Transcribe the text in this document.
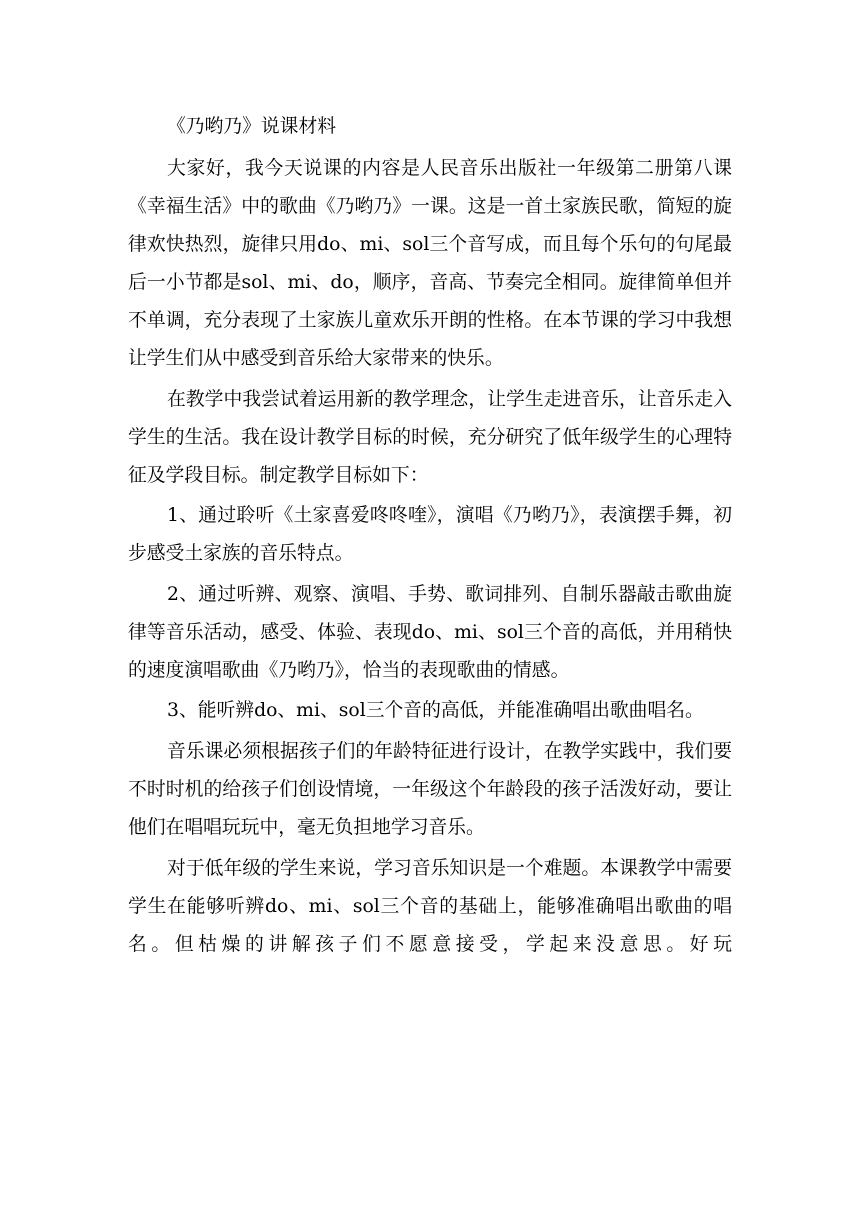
《乃哟乃》说课材料

大家好，我今天说课的内容是人民音乐出版社一年级第二册第八课《幸福生活》中的歌曲《乃哟乃》一课。这是一首土家族民歌，简短的旋律欢快热烈，旋律只用do、mi、sol三个音写成，而且每个乐句的句尾最后一小节都是sol、mi、do，顺序，音高、节奏完全相同。旋律简单但并不单调，充分表现了土家族儿童欢乐开朗的性格。在本节课的学习中我想让学生们从中感受到音乐给大家带来的快乐。

在教学中我尝试着运用新的教学理念，让学生走进音乐，让音乐走入学生的生活。我在设计教学目标的时候，充分研究了低年级学生的心理特征及学段目标。制定教学目标如下：

1、通过聆听《土家喜爱咚咚喹》，演唱《乃哟乃》，表演摆手舞，初步感受土家族的音乐特点。

2、通过听辨、观察、演唱、手势、歌词排列、自制乐器敲击歌曲旋律等音乐活动，感受、体验、表现do、mi、sol三个音的高低，并用稍快的速度演唱歌曲《乃哟乃》，恰当的表现歌曲的情感。

3、能听辨do、mi、sol三个音的高低，并能准确唱出歌曲唱名。

音乐课必须根据孩子们的年龄特征进行设计，在教学实践中，我们要不时时机的给孩子们创设情境，一年级这个年龄段的孩子活泼好动，要让他们在唱唱玩玩中，毫无负担地学习音乐。

对于低年级的学生来说，学习音乐知识是一个难题。本课教学中需要学生在能够听辨do、mi、sol三个音的基础上，能够准确唱出歌曲的唱名。但枯燥的讲解孩子们不愿意接受，学起来没意思。好玩
